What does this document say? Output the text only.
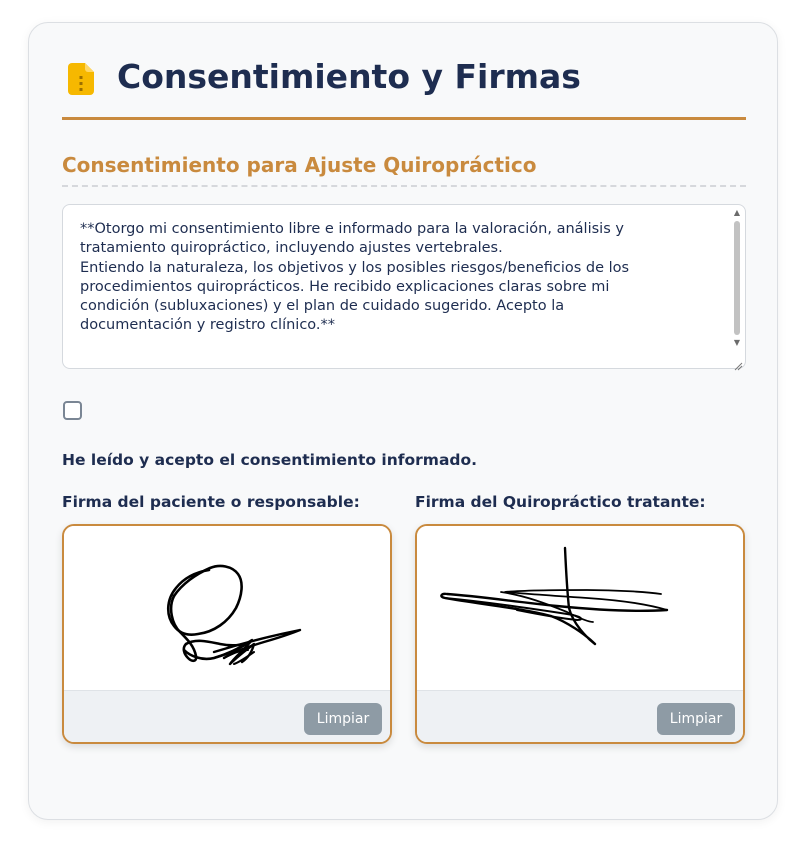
Consentimiento y Firmas
Consentimiento para Ajuste Quiropráctico

**Otorgo mi consentimiento libre e informado para la valoración, análisis y
tratamiento quiropráctico, incluyendo ajustes vertebrales.
Entiendo la naturaleza, los objetivos y los posibles riesgos/beneficios de los
procedimientos quiroprácticos. He recibido explicaciones claras sobre mi
condición (subluxaciones) y el plan de cuidado sugerido. Acepto la
documentación y registro clínico.**

▲
▼

He leído y acepto el consentimiento informado.

Firma del paciente o responsable:	Firma del Quiropráctico tratante:

Limpiar	Limpiar
